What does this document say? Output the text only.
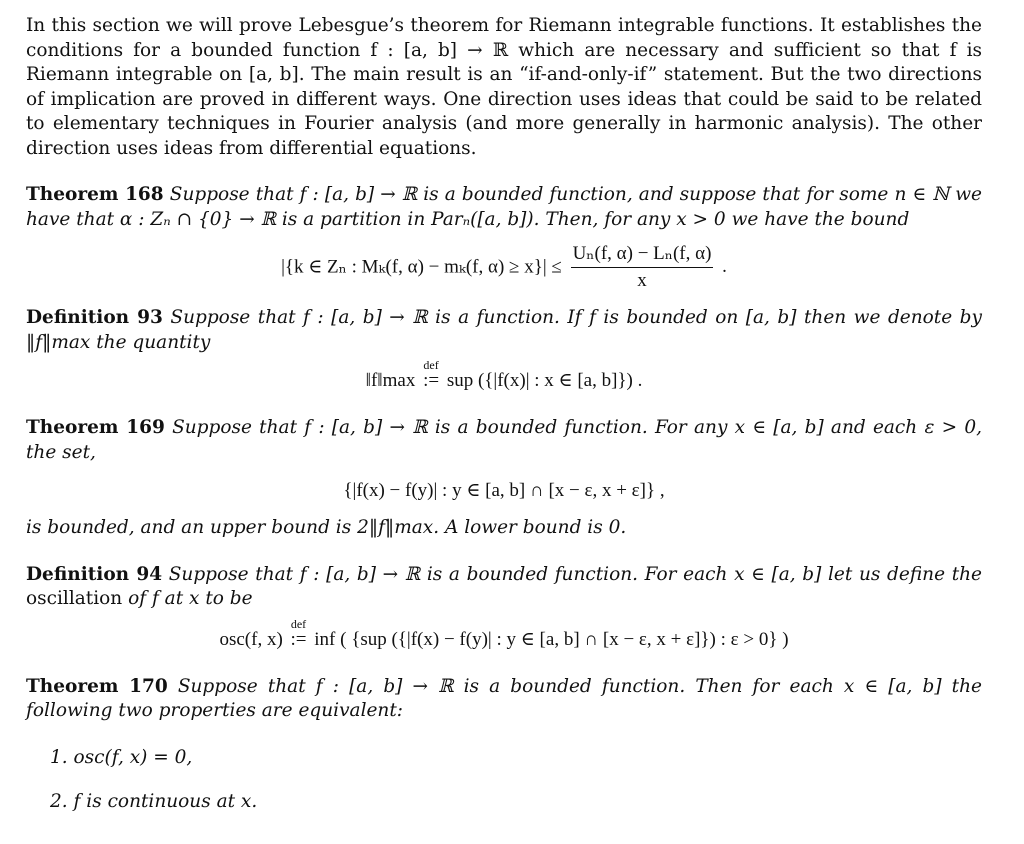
In this section we will prove Lebesgue’s theorem for Riemann integrable functions. It establishes the conditions for a bounded function f : [a, b] → ℝ which are necessary and sufficient so that f is Riemann integrable on [a, b]. The main result is an “if-and-only-if” statement. But the two directions of implication are proved in different ways. One direction uses ideas that could be said to be related to elementary techniques in Fourier analysis (and more generally in harmonic analysis). The other direction uses ideas from differential equations.

Theorem 168 Suppose that f : [a, b] → ℝ is a bounded function, and suppose that for some n ∈ ℕ we have that α : Zₙ ∩ {0} → ℝ is a partition in Parₙ([a, b]). Then, for any x > 0 we have the bound

|{k ∈ Zₙ : Mₖ(f, α) − mₖ(f, $\alpha) \ge x\}| \le \frac{\text{Uₙ(f, α) − Lₙ(f, α)}}{x}$ .

Definition 93 Suppose that f : [a, b] → ℝ is a function. If f is bounded on [a, b] then we denote by ‖f‖max the quantity

‖f‖max
def
:= sup ({|f(x)| : x ∈ [a, b]}) .

Theorem 169 Suppose that f : [a, b] → ℝ is a bounded function. For any x ∈ [a, b] and each ε > 0, the set,

{|f(x) − f(y)| : y ∈ [a, b] ∩ [x − ε, x + ε]} ,

is bounded, and an upper bound is 2‖f‖max. A lower bound is 0.

Definition 94 Suppose that f : [a, b] → ℝ is a bounded function. For each x ∈ [a, b] let us define the oscillation of f at x to be

osc(f, x)
def
:= inf ( {sup ({|f(x) − f(y)| : y ∈ [a, b] ∩ [x − ε, x + ε]}) : ε > 0} )

Theorem 170 Suppose that f : [a, b] → ℝ is a bounded function. Then for each x ∈ [a, b] the following two properties are equivalent:

1. osc(f, x) = 0,
2. f is continuous at x.
